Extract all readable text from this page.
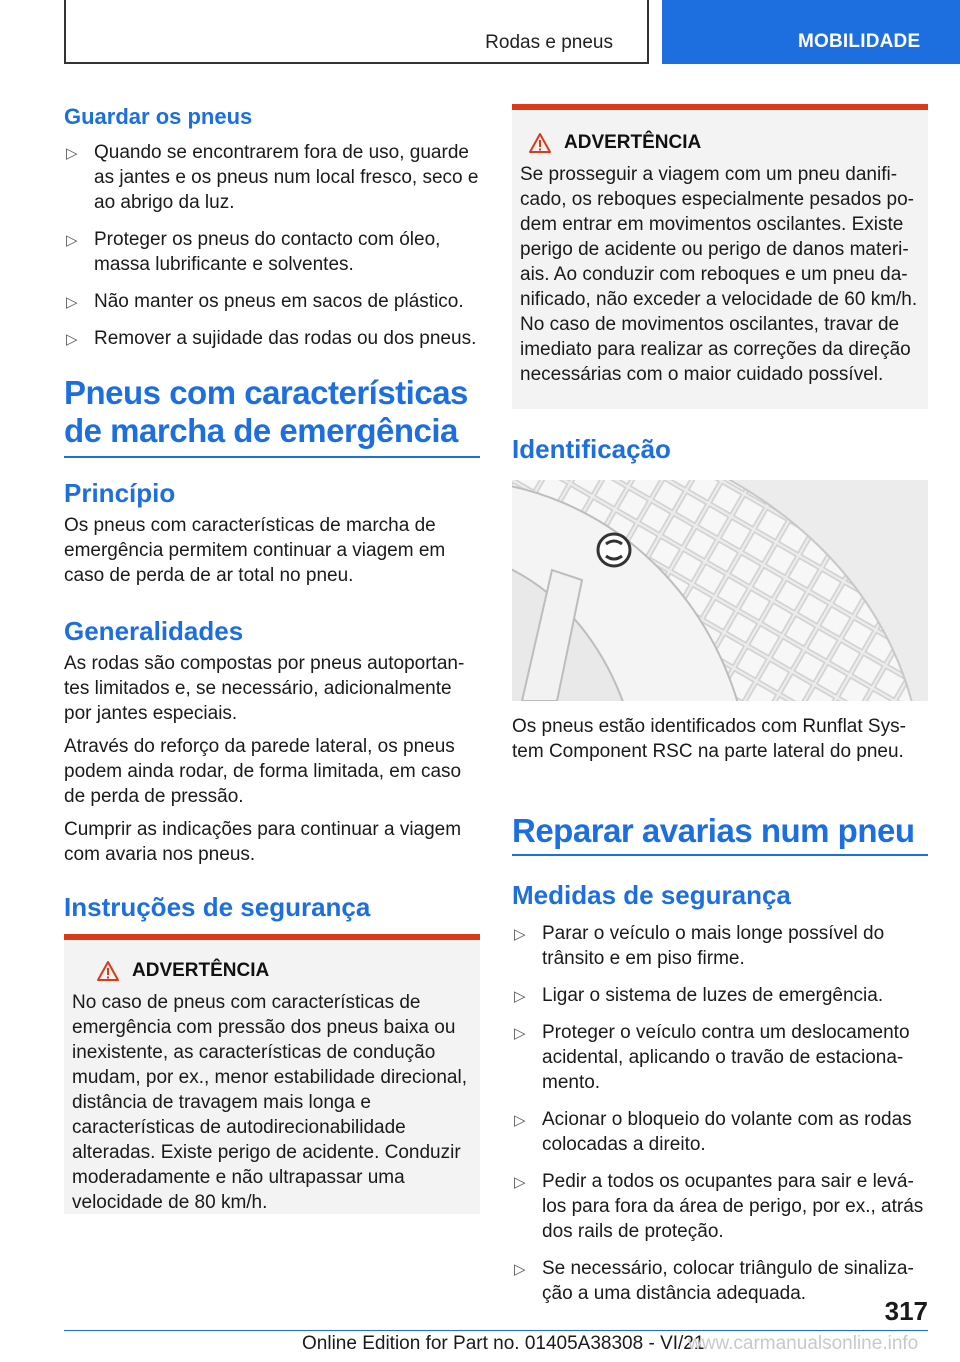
Rodas e pneus	MOBILIDADE
Guardar os pneus
▷ Quando se encontrarem fora de uso, guarde as jantes e os pneus num local fresco, seco e ao abrigo da luz.
▷ Proteger os pneus do contacto com óleo, massa lubrificante e solventes.
▷ Não manter os pneus em sacos de plástico.
▷ Remover a sujidade das rodas ou dos pneus.
Pneus com características
de marcha de emergência
Princípio
Os pneus com características de marcha de emergência permitem continuar a viagem em caso de perda de ar total no pneu.
Generalidades
As rodas são compostas por pneus autoportantes limitados e, se necessário, adicionalmente por jantes especiais.
Através do reforço da parede lateral, os pneus podem ainda rodar, de forma limitada, em caso de perda de pressão.
Cumprir as indicações para continuar a viagem com avaria nos pneus.
Instruções de segurança
ADVERTÊNCIA
No caso de pneus com características de emergência com pressão dos pneus baixa ou inexistente, as características de condução mudam, por ex., menor estabilidade direcional, distância de travagem mais longa e características de autodirecionabilidade alteradas. Existe perigo de acidente. Conduzir moderadamente e não ultrapassar uma velocidade de 80 km/h.
ADVERTÊNCIA
Se prosseguir a viagem com um pneu danificado, os reboques especialmente pesados podem entrar em movimentos oscilantes. Existe perigo de acidente ou perigo de danos materiais. Ao conduzir com reboques e um pneu danificado, não exceder a velocidade de 60 km/h. No caso de movimentos oscilantes, travar de imediato para realizar as correções da direção necessárias com o maior cuidado possível.
Identificação
Os pneus estão identificados com Runflat System Component RSC na parte lateral do pneu.
Reparar avarias num pneu
Medidas de segurança
▷ Parar o veículo o mais longe possível do trânsito e em piso firme.
▷ Ligar o sistema de luzes de emergência.
▷ Proteger o veículo contra um deslocamento acidental, aplicando o travão de estacionamento.
▷ Acionar o bloqueio do volante com as rodas colocadas a direito.
▷ Pedir a todos os ocupantes para sair e levá-los para fora da área de perigo, por ex., atrás dos rails de proteção.
▷ Se necessário, colocar triângulo de sinalização a uma distância adequada.
317
Online Edition for Part no. 01405A38308 - VI/21
www.carmanualsonline.info
